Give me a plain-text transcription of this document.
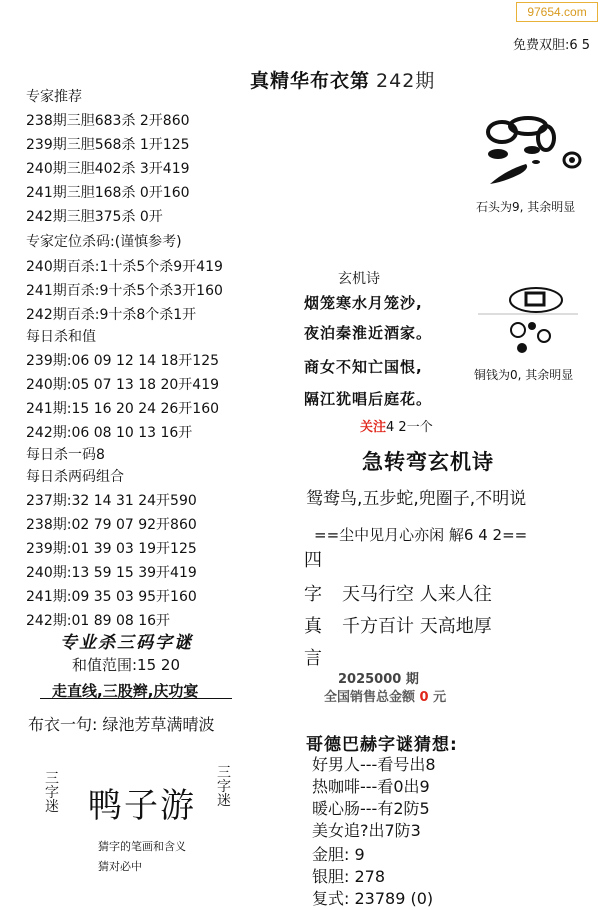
97654.com
免费双胆:6 5
真精华布衣第 242期
专家推荐
238期三胆683杀 2开860
239期三胆568杀 1开125
240期三胆402杀 3开419
241期三胆168杀 0开160
242期三胆375杀 0开
专家定位杀码:(谨慎参考)
240期百杀:1十杀5个杀9开419
241期百杀:9十杀5个杀3开160
242期百杀:9十杀8个杀1开
每日杀和值
239期:06 09 12 14 18开125
240期:05 07 13 18 20开419
241期:15 16 20 24 26开160
242期:06 08 10 13 16开
每日杀一码8
每日杀两码组合
237期:32 14 31 24开590
238期:02 79 07 92开860
239期:01 39 03 19开125
240期:13 59 15 39开419
241期:09 35 03 95开160
242期:01 89 08 16开
专业杀三码字谜
和值范围:15 20
走直线,三股辫,庆功宴
布衣一句: 绿池芳草满晴波
三
字
迷 鸭子游
三
字
迷
猜字的笔画和含义
猜对必中
石头为9, 其余明显
铜钱为0, 其余明显
玄机诗
烟笼寒水月笼沙,
夜泊秦淮近酒家。
商女不知亡国恨,
隔江犹唱后庭花。
关注4 2一个
急转弯玄机诗
鸳鸯鸟,五步蛇,兜圈子,不明说
==尘中见月心亦闲 解6 4 2==
四
字
真
言
天马行空 人来人往
千方百计 天高地厚
2025000 期
全国销售总金额 0 元
哥德巴赫字谜猜想:
好男人---看号出8
热咖啡---看0出9
暖心肠---有2防5
美女追?出7防3
金胆: 9
银胆: 278
复式: 23789 (0)
